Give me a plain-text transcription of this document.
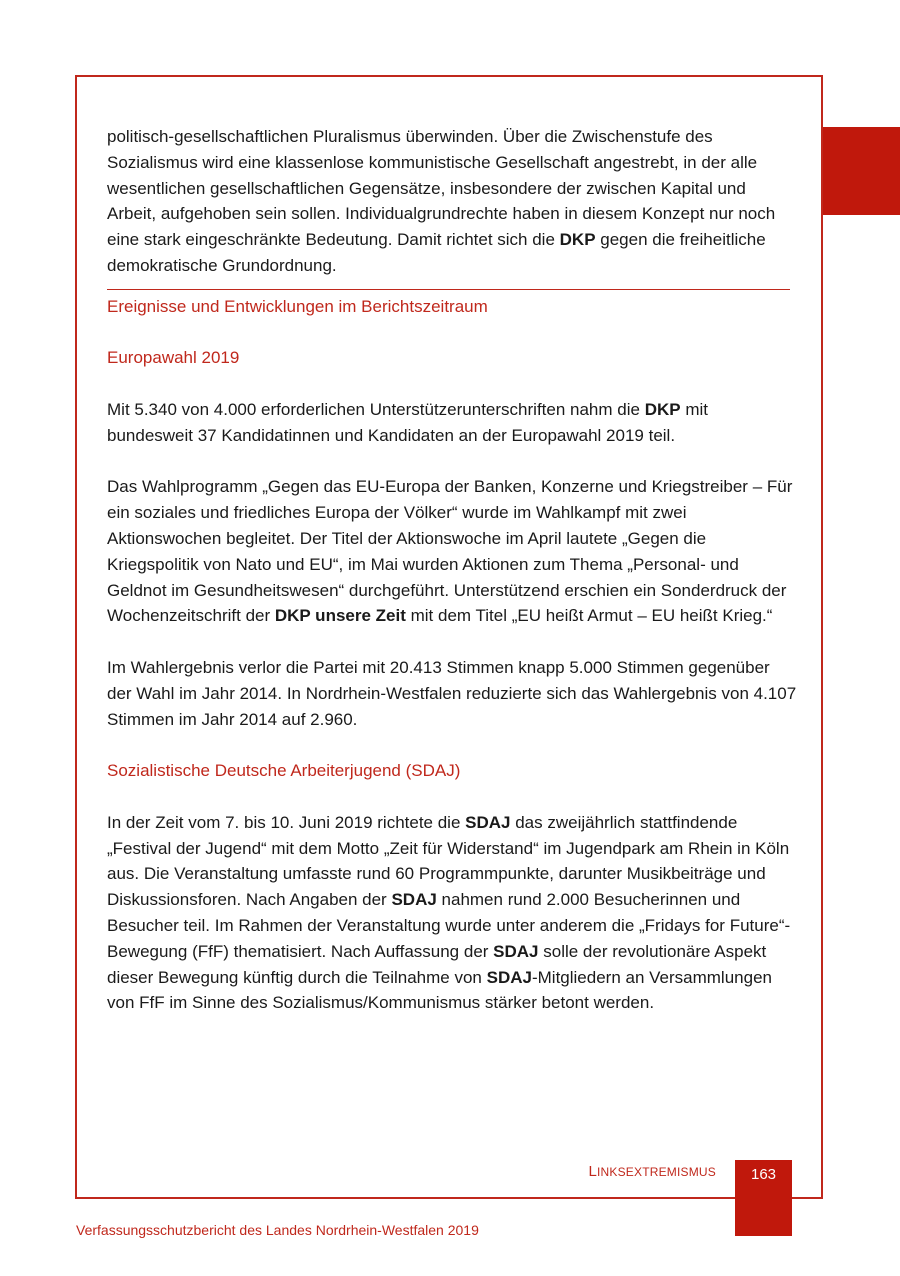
politisch-gesellschaftlichen Pluralismus überwinden. Über die Zwischenstufe des Sozialismus wird eine klassenlose kommunistische Gesellschaft angestrebt, in der alle wesentlichen gesellschaftlichen Gegensätze, insbesondere der zwischen Kapital und Arbeit, aufgehoben sein sollen. Individualgrundrechte haben in diesem Konzept nur noch eine stark eingeschränkte Bedeutung. Damit richtet sich die DKP gegen die freiheitliche demokratische Grundordnung.

Ereignisse und Entwicklungen im Berichtszeitraum

Europawahl 2019

Mit 5.340 von 4.000 erforderlichen Unterstützerunterschriften nahm die DKP mit bundesweit 37 Kandidatinnen und Kandidaten an der Europawahl 2019 teil.

Das Wahlprogramm „Gegen das EU-Europa der Banken, Konzerne und Kriegstreiber – Für ein soziales und friedliches Europa der Völker“ wurde im Wahlkampf mit zwei Aktionswochen begleitet. Der Titel der Aktionswoche im April lautete „Gegen die Kriegspolitik von Nato und EU“, im Mai wurden Aktionen zum Thema „Personal- und Geldnot im Gesundheitswesen“ durchgeführt. Unterstützend erschien ein Sonderdruck der Wochenzeitschrift der DKP unsere Zeit mit dem Titel „EU heißt Armut – EU heißt Krieg.“

Im Wahlergebnis verlor die Partei mit 20.413 Stimmen knapp 5.000 Stimmen gegenüber der Wahl im Jahr 2014. In Nordrhein-Westfalen reduzierte sich das Wahlergebnis von 4.107 Stimmen im Jahr 2014 auf 2.960.

Sozialistische Deutsche Arbeiterjugend (SDAJ)

In der Zeit vom 7. bis 10. Juni 2019 richtete die SDAJ das zweijährlich stattfindende „Festival der Jugend“ mit dem Motto „Zeit für Widerstand“ im Jugendpark am Rhein in Köln aus. Die Veranstaltung umfasste rund 60 Programmpunkte, darunter Musikbeiträge und Diskussionsforen. Nach Angaben der SDAJ nahmen rund 2.000 Besucherinnen und Besucher teil. Im Rahmen der Veranstaltung wurde unter anderem die „Fridays for Future“-Bewegung (FfF) thematisiert. Nach Auffassung der SDAJ solle der revolutionäre Aspekt dieser Bewegung künftig durch die Teilnahme von SDAJ-Mitgliedern an Versammlungen von FfF im Sinne des Sozialismus/Kommunismus stärker betont werden.

LINKSEXTREMISMUS	163
Verfassungsschutzbericht des Landes Nordrhein-Westfalen 2019
